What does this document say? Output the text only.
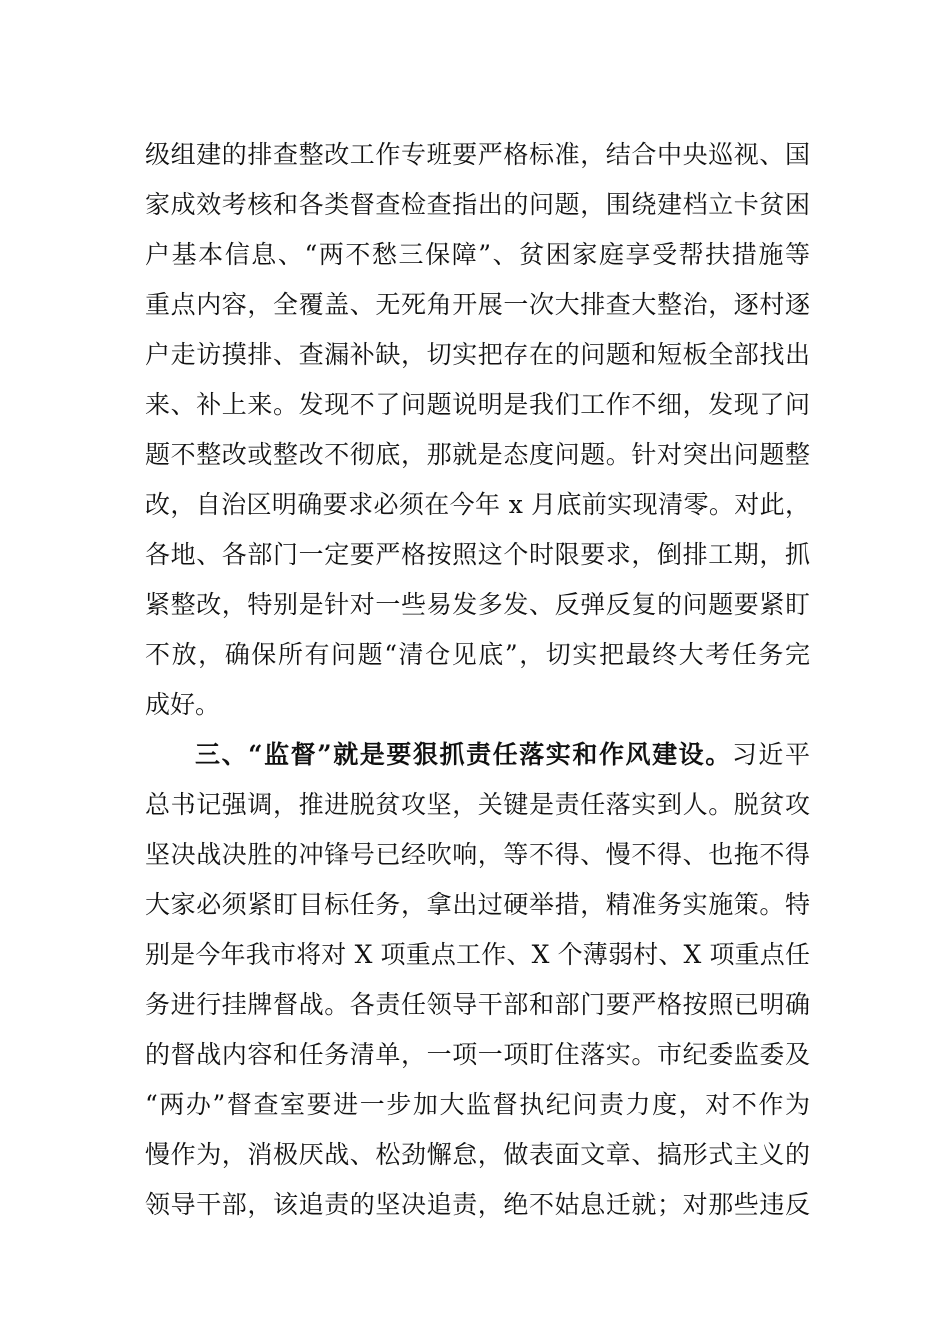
级组建的排查整改工作专班要严格标准，结合中央巡视、国
家成效考核和各类督查检查指出的问题，围绕建档立卡贫困
户基本信息、“两不愁三保障”、贫困家庭享受帮扶措施等
重点内容，全覆盖、无死角开展一次大排查大整治，逐村逐
户走访摸排、查漏补缺，切实把存在的问题和短板全部找出
来、补上来。发现不了问题说明是我们工作不细，发现了问
题不整改或整改不彻底，那就是态度问题。针对突出问题整
改，自治区明确要求必须在今年 x 月底前实现清零。对此，
各地、各部门一定要严格按照这个时限要求，倒排工期，抓
紧整改，特别是针对一些易发多发、反弹反复的问题要紧盯
不放，确保所有问题“清仓见底”，切实把最终大考任务完
成好。
三、“监督”就是要狠抓责任落实和作风建设。习近平
总书记强调，推进脱贫攻坚，关键是责任落实到人。脱贫攻
坚决战决胜的冲锋号已经吹响，等不得、慢不得、也拖不得
大家必须紧盯目标任务，拿出过硬举措，精准务实施策。特
别是今年我市将对 X 项重点工作、X 个薄弱村、X 项重点任
务进行挂牌督战。各责任领导干部和部门要严格按照已明确
的督战内容和任务清单，一项一项盯住落实。市纪委监委及
“两办”督查室要进一步加大监督执纪问责力度，对不作为
慢作为，消极厌战、松劲懈怠，做表面文章、搞形式主义的
领导干部，该追责的坚决追责，绝不姑息迁就；对那些违反
